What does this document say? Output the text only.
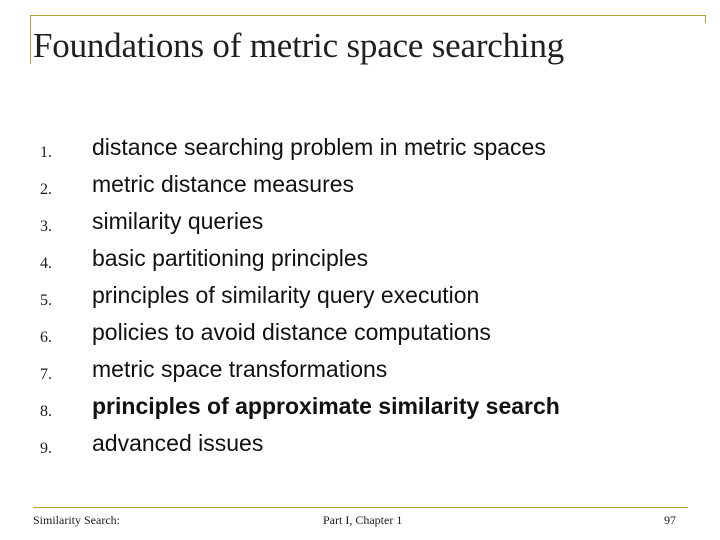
Foundations of metric space searching
1.	distance searching problem in metric spaces
2.	metric distance measures
3.	similarity queries
4.	basic partitioning principles
5.	principles of similarity query execution
6.	policies to avoid distance computations
7.	metric space transformations
8.	principles of approximate similarity search
9.	advanced issues
Similarity Search:	Part I, Chapter 1	97
